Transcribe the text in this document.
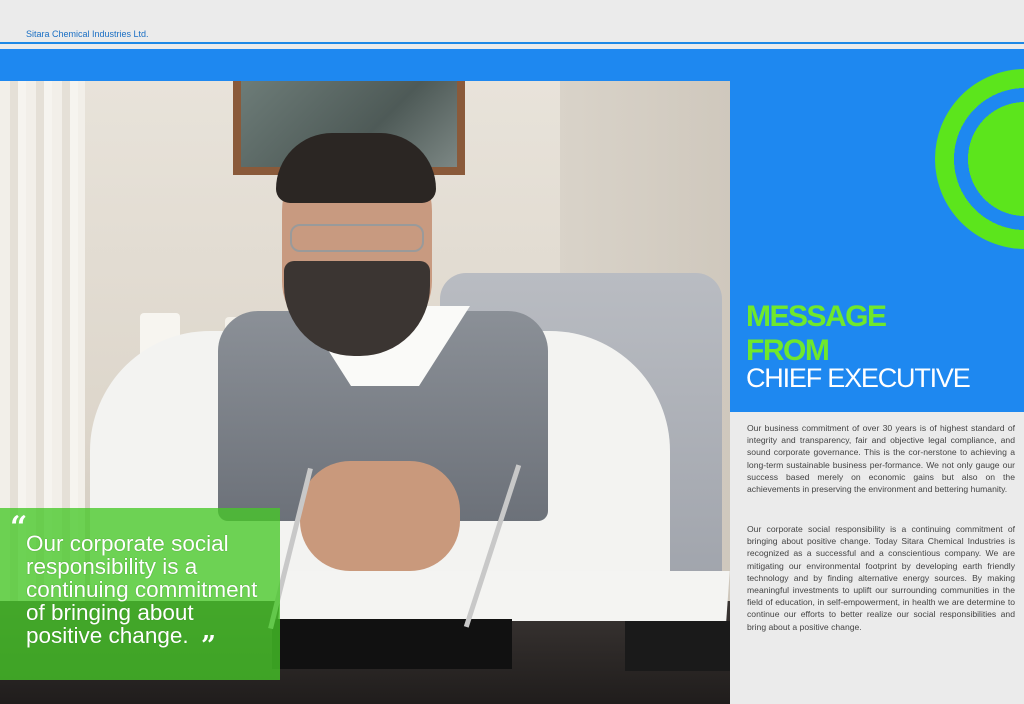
Sitara Chemical Industries Ltd.
“
Our corporate social responsibility is a continuing commitment of bringing about positive change. ”
MESSAGE
FROM
CHIEF EXECUTIVE
Our business commitment of over 30 years is of highest standard of integrity and transparency, fair and objective legal compliance, and sound corporate governance. This is the cor-nerstone to achieving a long-term sustainable business per-formance. We not only gauge our success based merely on economic gains but also on the achievements in preserving the environment and bettering humanity.
Our corporate social responsibility is a continuing commitment of bringing about positive change. Today Sitara Chemical Industries is recognized as a successful and a conscientious company. We are mitigating our environmental footprint by developing earth friendly technology and by finding alternative energy sources. By making meaningful investments to uplift our surrounding communities in the field of education, in self-empowerment, in health we are determine to continue our efforts to better realize our social responsibilities and bring about a positive change.
